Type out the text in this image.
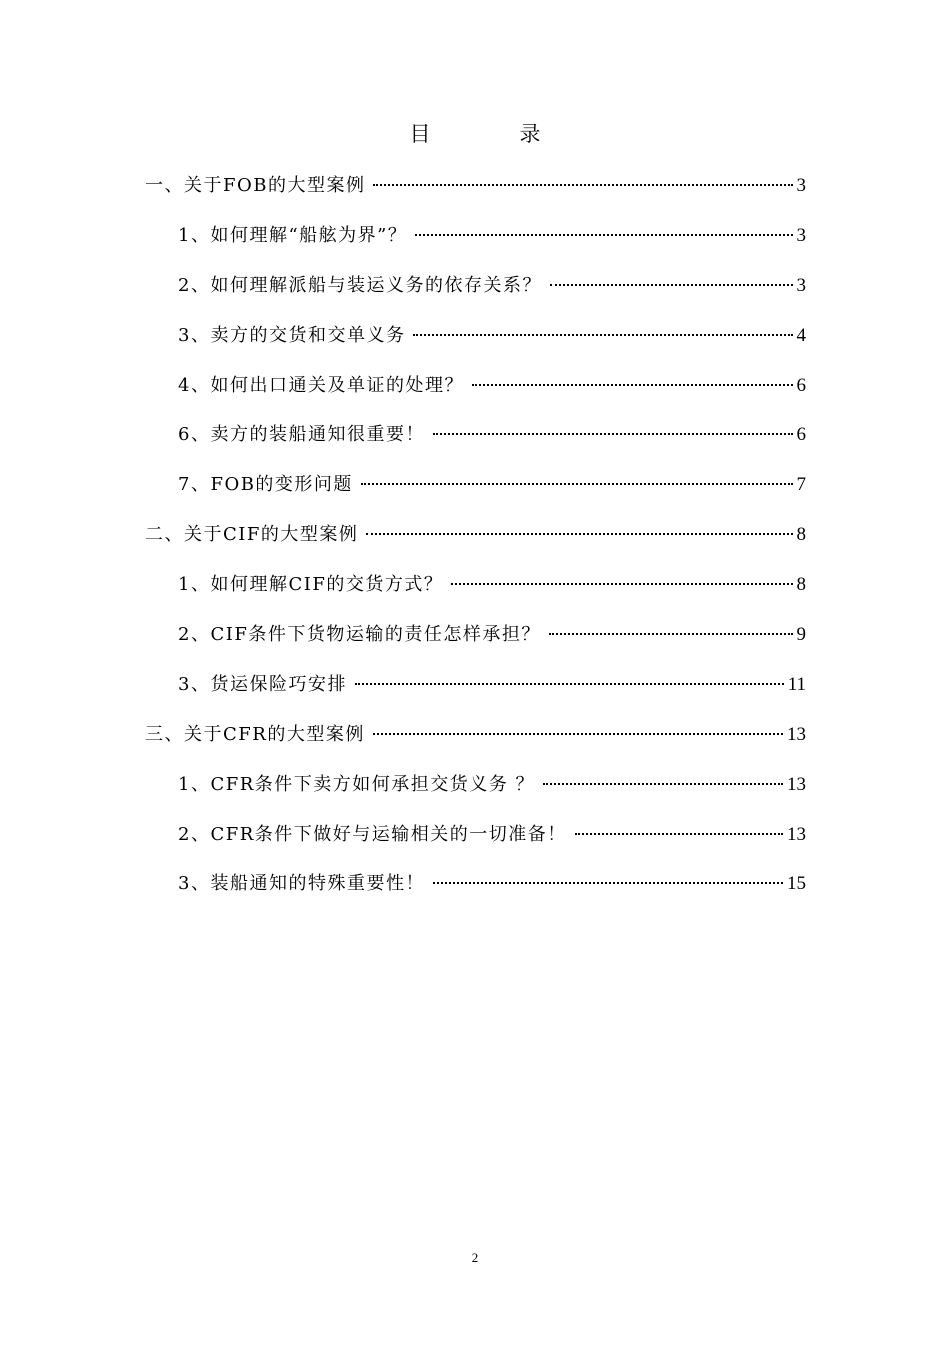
目　录
一、关于FOB的大型案例	3
1、如何理解“船舷为界”？	3
2、如何理解派船与装运义务的依存关系？	3
3、卖方的交货和交单义务	4
4、如何出口通关及单证的处理？	6
6、卖方的装船通知很重要！	6
7、FOB的变形问题	7
二、关于CIF的大型案例	8
1、如何理解CIF的交货方式？	8
2、CIF条件下货物运输的责任怎样承担？	9
3、货运保险巧安排	11
三、关于CFR的大型案例	13
1、CFR条件下卖方如何承担交货义务 ？	13
2、CFR条件下做好与运输相关的一切准备！	13
3、装船通知的特殊重要性！	15
2
